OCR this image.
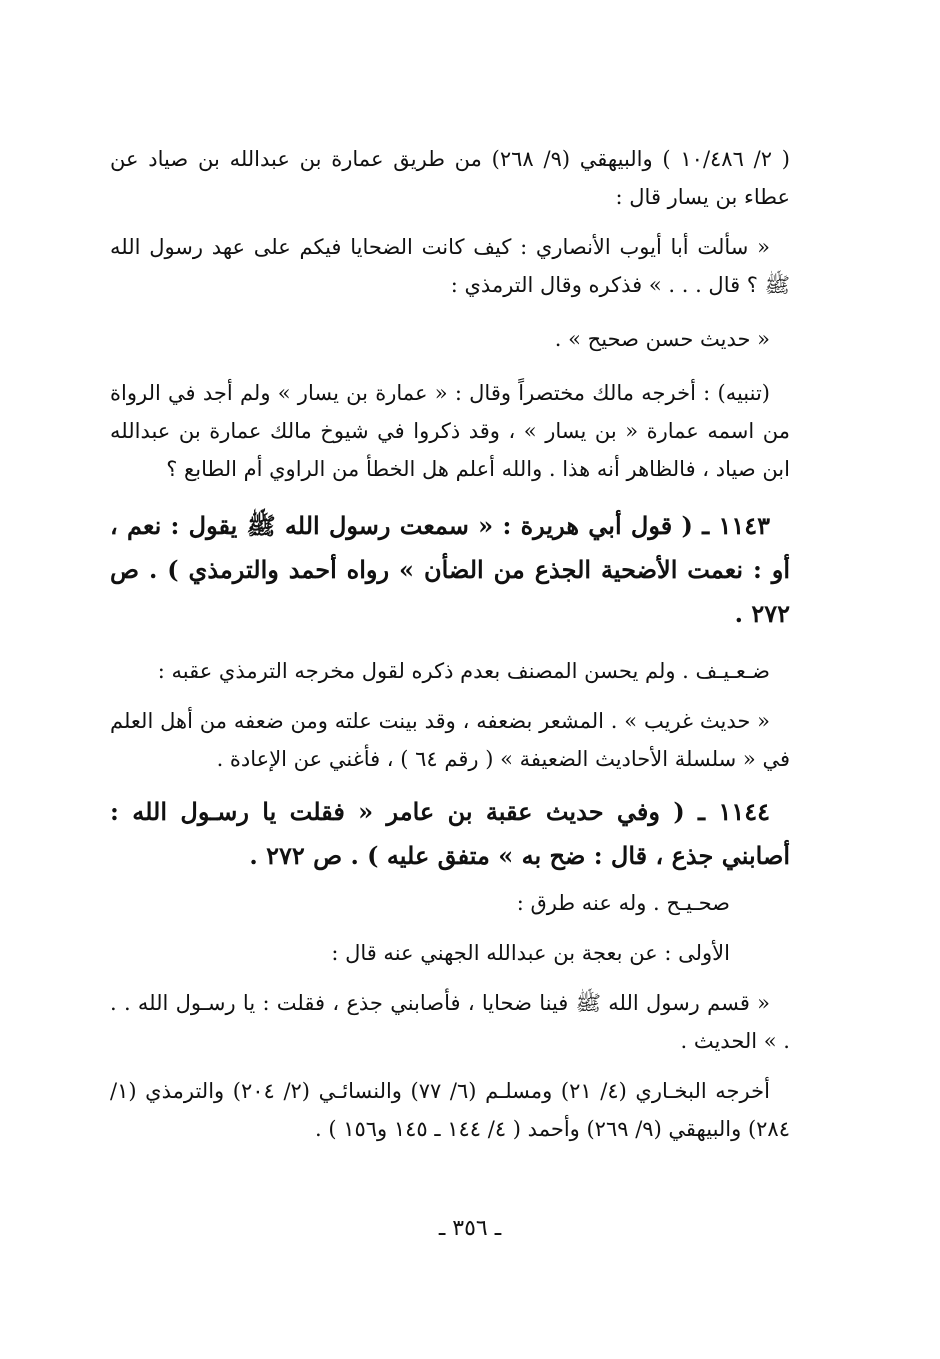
( ٢/ ١٠/٤٨٦ ) والبيهقي (٩/ ٢٦٨) من طريق عمارة بن عبدالله بن صياد عن عطاء بن يسار قال :

« سألت أبا أيوب الأنصاري : كيف كانت الضحايا فيكم على عهد رسول الله ﷺ ؟ قال . . . » فذكره وقال الترمذي :

« حديث حسن صحيح » .

(تنبيه) : أخرجه مالك مختصراً وقال : « عمارة بن يسار » ولم أجد في الرواة من اسمه عمارة « بن يسار » ، وقد ذكروا في شيوخ مالك عمارة بن عبدالله ابن صياد ، فالظاهر أنه هذا . والله أعلم هل الخطأ من الراوي أم الطابع ؟

١١٤٣ ـ ( قول أبي هريرة : « سمعت رسول الله ﷺ يقول : نعم ، أو : نعمت الأضحية الجذع من الضأن » رواه أحمد والترمذي ) . ص ٢٧٢ .

ضـعـيـف . ولم يحسن المصنف بعدم ذكره لقول مخرجه الترمذي عقبه :

« حديث غريب » . المشعر بضعفه ، وقد بينت علته ومن ضعفه من أهل العلم في « سلسلة الأحاديث الضعيفة » ( رقم ٦٤ ) ، فأغني عن الإعادة .

١١٤٤ ـ ( وفي حديث عقبة بن عامر « فقلت يا رسـول الله : أصابني جذع ، قال : ضح به » متفق عليه ) . ص ٢٧٢ .

صحـيـح . وله عنه طرق :

الأولى : عن بعجة بن عبدالله الجهني عنه قال :

« قسم رسول الله ﷺ فينا ضحايا ، فأصابني جذع ، فقلت : يا رسـول الله . . . » الحديث .

أخرجه البخـاري (٤/ ٢١) ومسلـم (٦/ ٧٧) والنسائـي (٢/ ٢٠٤) والترمذي (١/ ٢٨٤) والبيهقي (٩/ ٢٦٩) وأحمد ( ٤/ ١٤٤ ـ ١٤٥ و١٥٦ ) .

ـ ٣٥٦ ـ
